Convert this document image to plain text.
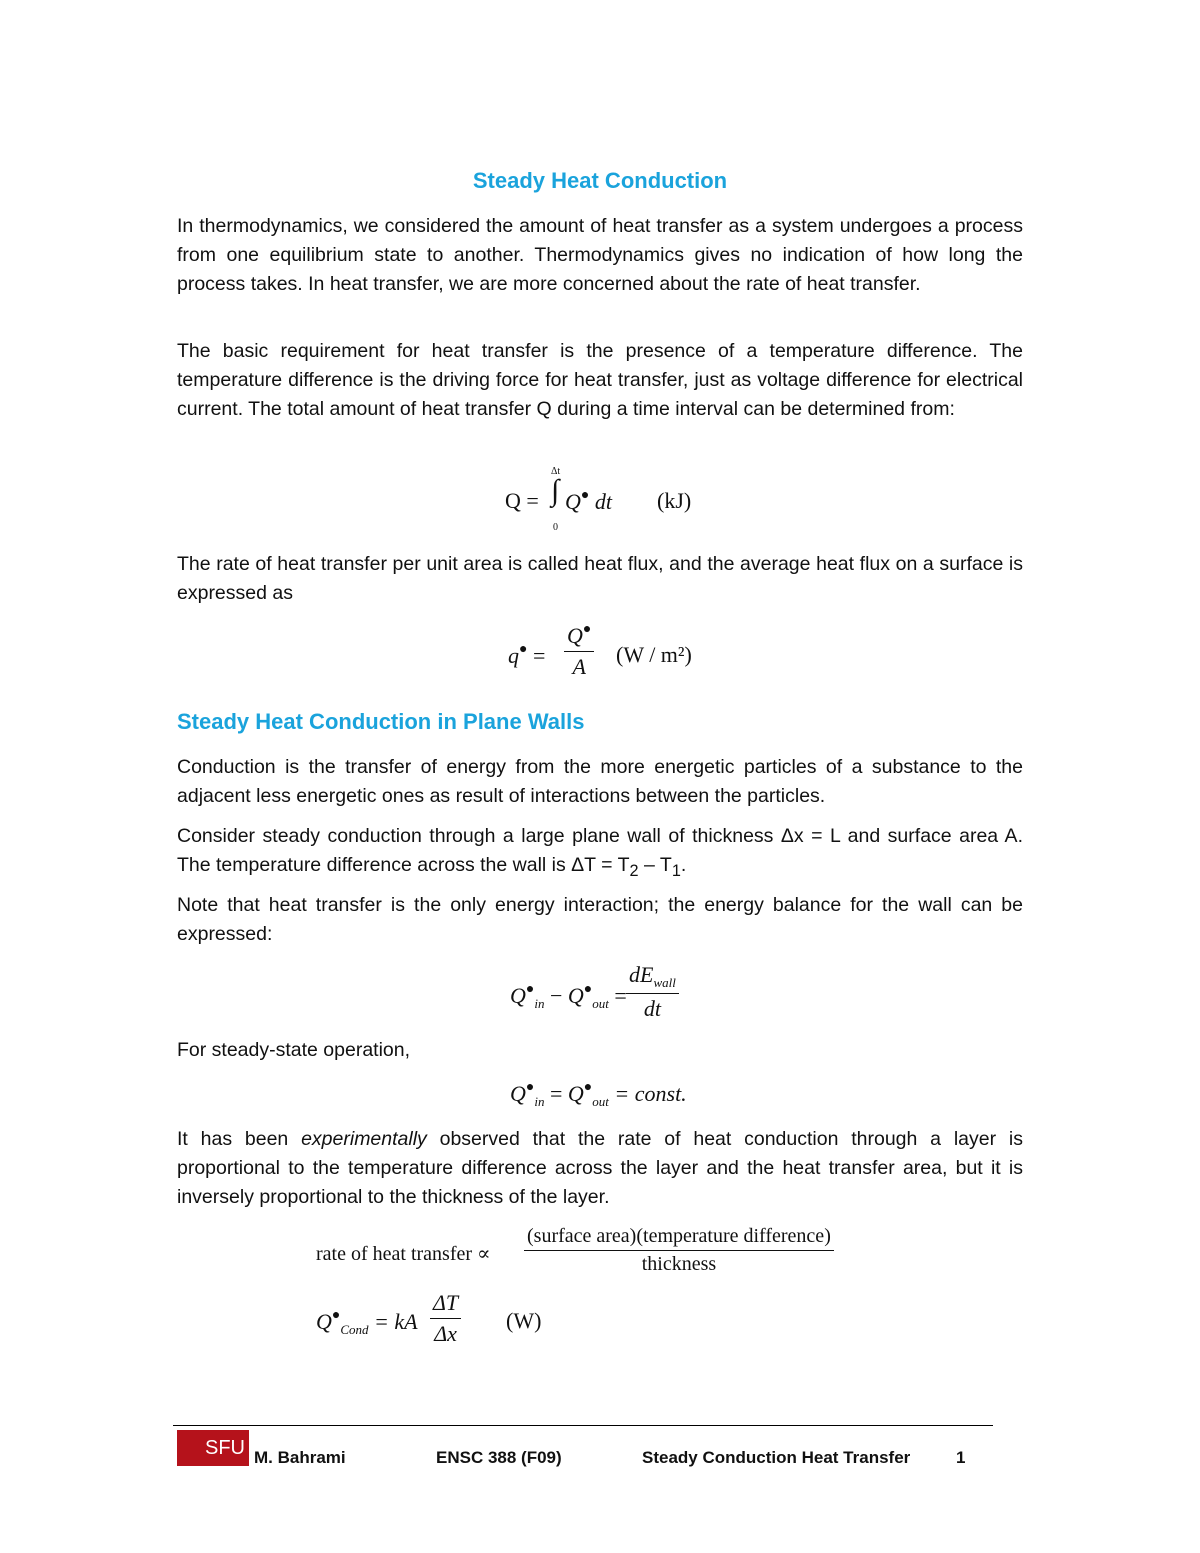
Steady Heat Conduction

In thermodynamics, we considered the amount of heat transfer as a system undergoes a process from one equilibrium state to another. Thermodynamics gives no indication of how long the process takes. In heat transfer, we are more concerned about the rate of heat transfer.

The basic requirement for heat transfer is the presence of a temperature difference. The temperature difference is the driving force for heat transfer, just as voltage difference for electrical current. The total amount of heat transfer Q during a time interval can be determined from:

Q = ∫
Δt
0
Q● dt (kJ)

The rate of heat transfer per unit area is called heat flux, and the average heat flux on a surface is expressed as

$q^● = \frac{Q^●}{A} (W / m^2)$
Steady Heat Conduction in Plane Walls

Conduction is the transfer of energy from the more energetic particles of a substance to the adjacent less energetic ones as result of interactions between the particles.

Consider steady conduction through a large plane wall of thickness Δx = L and surface area A. The temperature difference across the wall is $\Delta T = T_2 - T_1$.

Note that heat transfer is the only energy interaction; the energy balance for the wall can be expressed:

$Q^●_{in} - Q^●_{out}$ =
$dE_{wall}$
dt

For steady-state operation,

$Q^●_{in} = Q^●_{out}$ = const.

It has been experimentally observed that the rate of heat conduction through a layer is proportional to the temperature difference across the layer and the heat transfer area, but it is inversely proportional to the thickness of the layer.

rate of heat transfer ∝
(surface area)(temperature difference)
thickness
$Q^●_{Cond}$ = kA $\frac{\Delta T}{\Delta x} (W)$
SFU M. Bahrami	ENSC 388 (F09)	Steady Conduction Heat Transfer	1
